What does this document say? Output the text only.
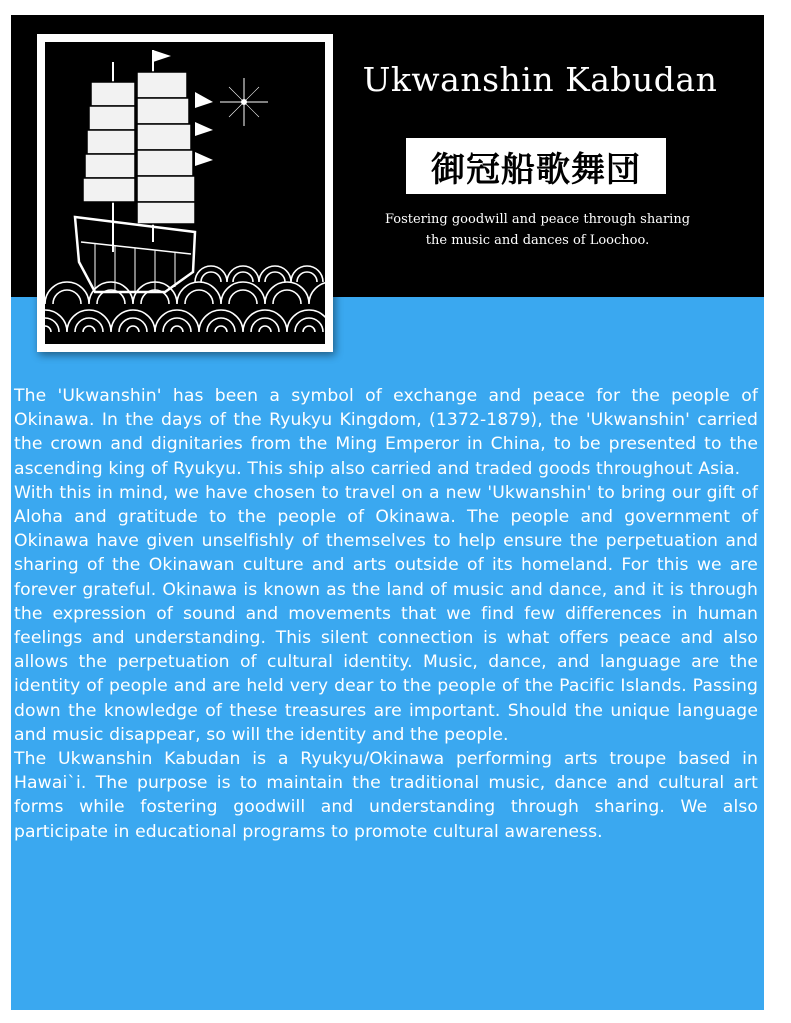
Ukwanshin Kabudan
御冠船歌舞団
Fostering goodwill and peace through sharing
the music and dances of Loochoo.

The 'Ukwanshin' has been a symbol of exchange and peace for the people of Okinawa. In the days of the Ryukyu Kingdom, (1372-1879), the 'Ukwanshin' carried the crown and dignitaries from the Ming Emperor in China, to be presented to the ascending king of Ryukyu. This ship also carried and traded goods throughout Asia.

With this in mind, we have chosen to travel on a new 'Ukwanshin' to bring our gift of Aloha and gratitude to the people of Okinawa. The people and government of Okinawa have given unselfishly of themselves to help ensure the perpetuation and sharing of the Okinawan culture and arts outside of its homeland. For this we are forever grateful. Okinawa is known as the land of music and dance, and it is through the expression of sound and movements that we find few differences in human feelings and understanding. This silent connection is what offers peace and also allows the perpetuation of cultural identity. Music, dance, and language are the identity of people and are held very dear to the people of the Pacific Islands. Passing down the knowledge of these treasures are important. Should the unique language and music disappear, so will the identity and the people.

The Ukwanshin Kabudan is a Ryukyu/Okinawa performing arts troupe based in Hawai`i. The purpose is to maintain the traditional music, dance and cultural art forms while fostering goodwill and understanding through sharing. We also participate in educational programs to promote cultural awareness.
